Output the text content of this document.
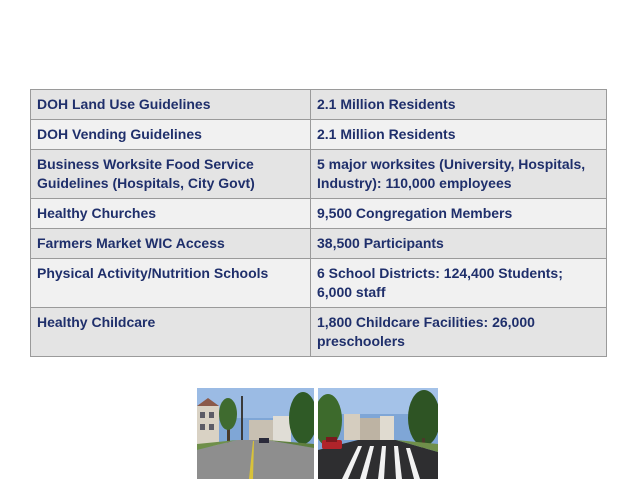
DOH Land Use Guidelines	2.1 Million Residents
DOH Vending Guidelines	2.1 Million Residents
Business Worksite Food Service Guidelines (Hospitals, City Govt)	5 major worksites (University, Hospitals, Industry): 110,000 employees
Healthy Churches	9,500 Congregation Members
Farmers Market WIC Access	38,500 Participants
Physical Activity/Nutrition Schools	6 School Districts: 124,400 Students; 6,000 staff
Healthy Childcare	1,800 Childcare Facilities: 26,000 preschoolers
